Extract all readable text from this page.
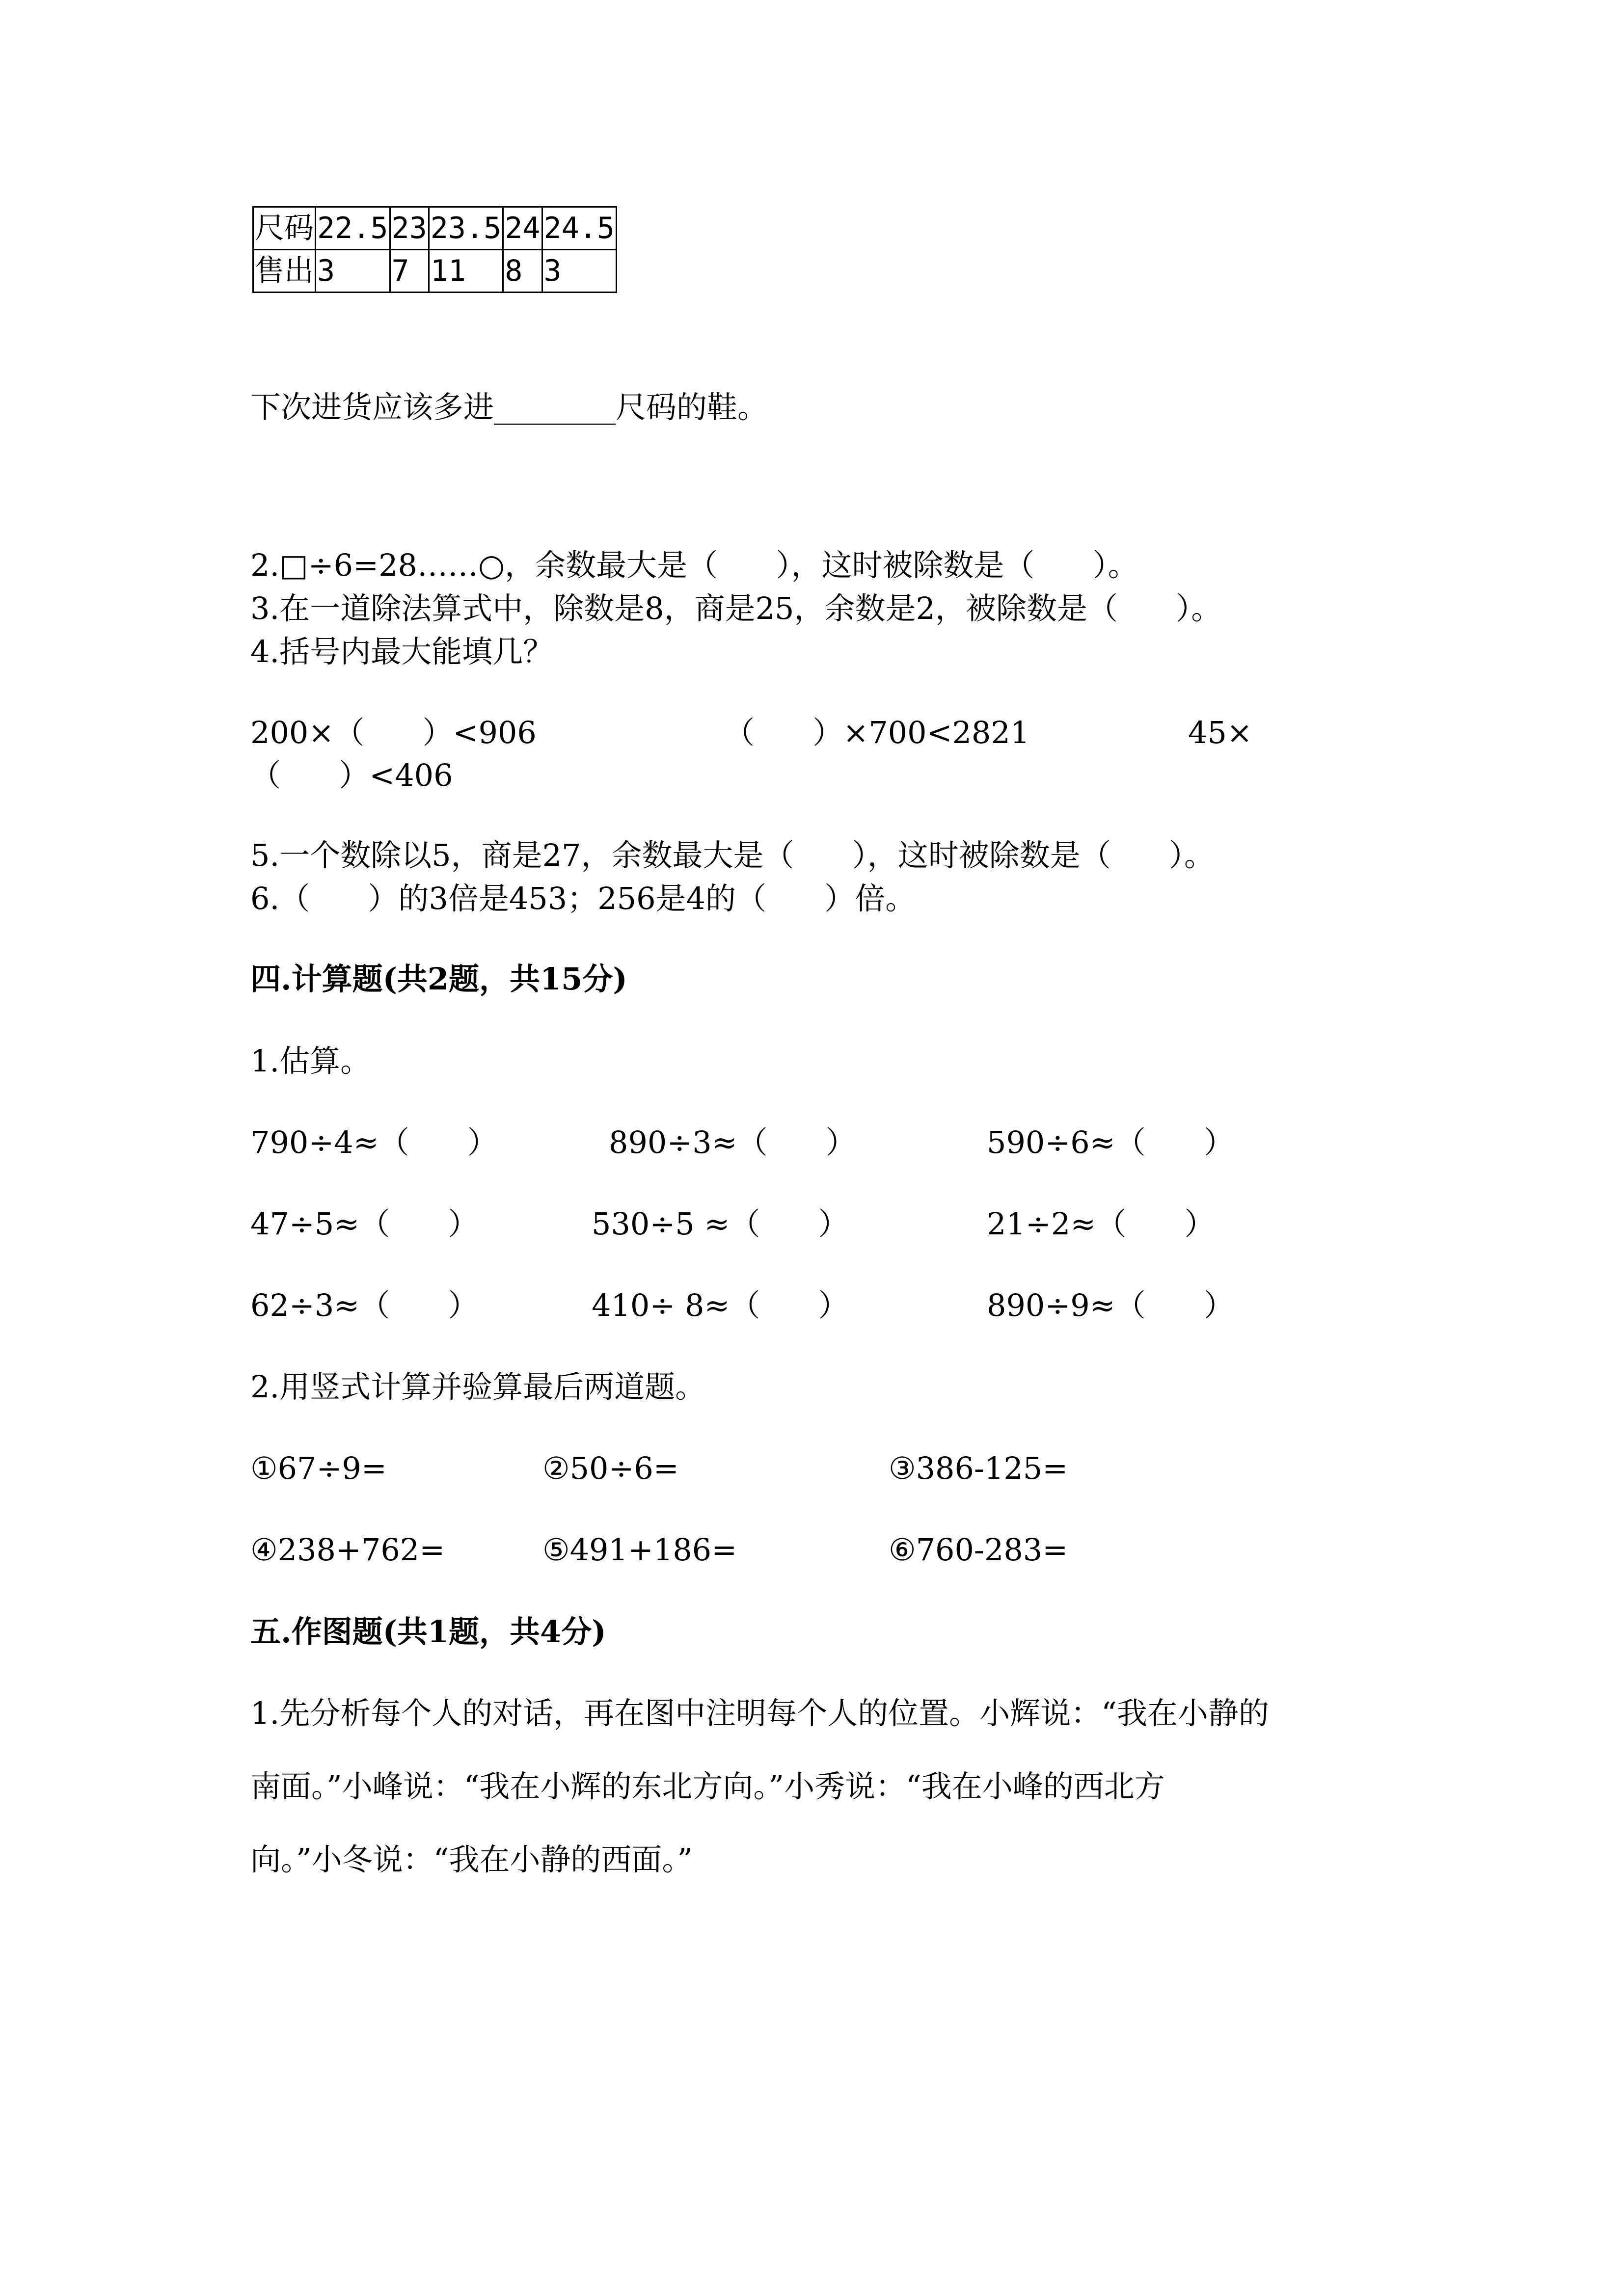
尺码	22.5	23	23.5	24	24.5
售出	3	7	11	8	3

下次进货应该多进________尺码的鞋。

2.□÷6=28……○，余数最大是（      ），这时被除数是（      ）。

3.在一道除法算式中，除数是8，商是25，余数是2，被除数是（      ）。

4.括号内最大能填几？

200×（      ）<906	（      ）×700<2821	45×

（      ）<406

5.一个数除以5，商是27，余数最大是（      ），这时被除数是（      ）。

6.（      ）的3倍是453；256是4的（      ）倍。

四.计算题(共2题，共15分)

1.估算。

790÷4≈（      ）	890÷3≈（      ）	590÷6≈（      ）

47÷5≈（      ）	530÷5 ≈（      ）	21÷2≈（      ）

62÷3≈（      ）	410÷ 8≈（      ）	890÷9≈（      ）

2.用竖式计算并验算最后两道题。

①67÷9=	②50÷6=	③386-125=

④238+762=	⑤491+186=	⑥760-283=

五.作图题(共1题，共4分)

1.先分析每个人的对话，再在图中注明每个人的位置。小辉说：“我在小静的

南面。”小峰说：“我在小辉的东北方向。”小秀说：“我在小峰的西北方

向。”小冬说：“我在小静的西面。”
